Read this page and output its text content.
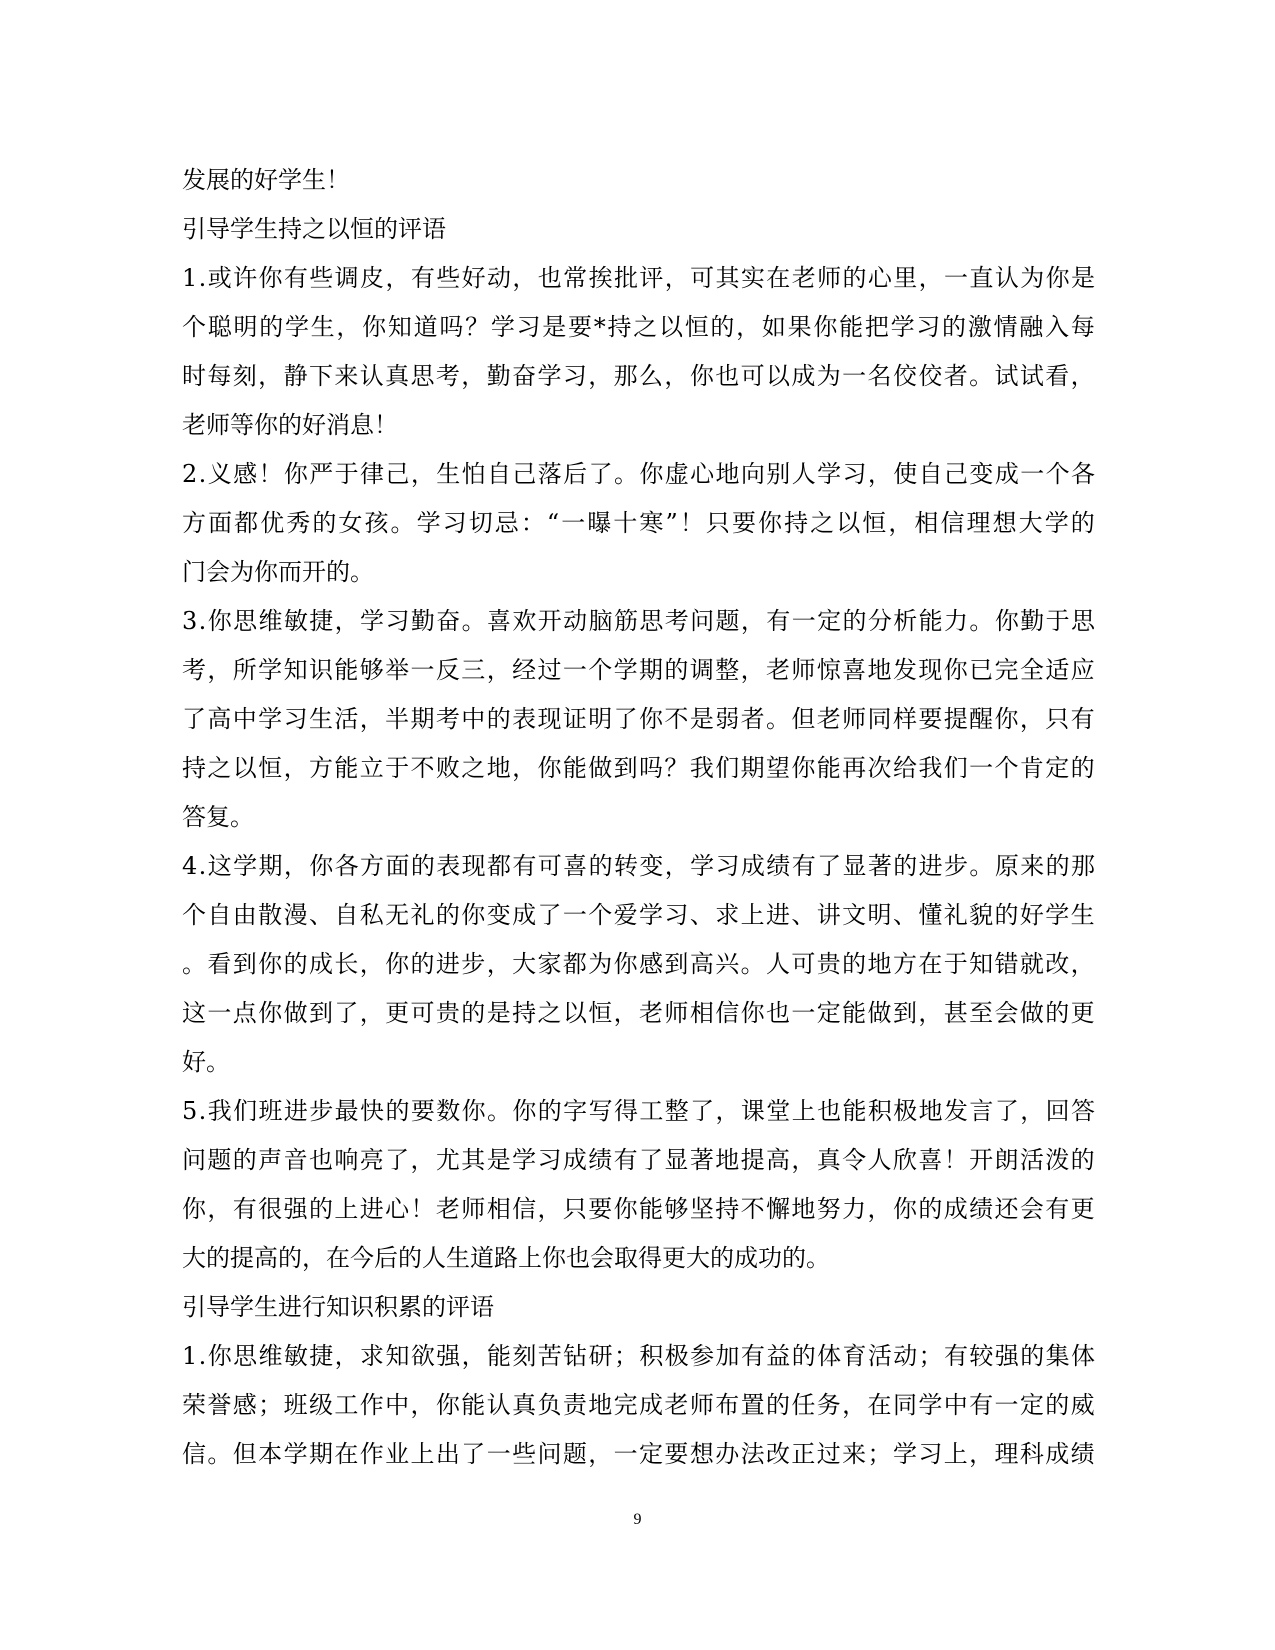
发展的好学生！
引导学生持之以恒的评语
1 . 或 许 你 有 些 调 皮 ， 有 些 好 动 ， 也 常 挨 批 评 ， 可 其 实 在 老 师 的 心 里 ， 一 直 认 为 你 是
个 聪 明 的 学 生 ， 你 知 道 吗 ？ 学 习 是 要 * 持 之 以 恒 的 ， 如 果 你 能 把 学 习 的 激 情 融 入 每
时 每 刻 ， 静 下 来 认 真 思 考 ， 勤 奋 学 习 ， 那 么 ， 你 也 可 以 成 为 一 名 佼 佼 者 。 试 试 看 ，
老师等你的好消息！
2 . 义 感 ！ 你 严 于 律 己 ， 生 怕 自 己 落 后 了 。 你 虚 心 地 向 别 人 学 习 ， 使 自 己 变 成 一 个 各
方 面 都 优 秀 的 女 孩 。 学 习 切 忌 ： “ 一 曝 十 寒 ” ！ 只 要 你 持 之 以 恒 ， 相 信 理 想 大 学 的
门会为你而开的。
3 . 你 思 维 敏 捷 ， 学 习 勤 奋 。 喜 欢 开 动 脑 筋 思 考 问 题 ， 有 一 定 的 分 析 能 力 。 你 勤 于 思
考 ， 所 学 知 识 能 够 举 一 反 三 ， 经 过 一 个 学 期 的 调 整 ， 老 师 惊 喜 地 发 现 你 已 完 全 适 应
了 高 中 学 习 生 活 ， 半 期 考 中 的 表 现 证 明 了 你 不 是 弱 者 。 但 老 师 同 样 要 提 醒 你 ， 只 有
持 之 以 恒 ， 方 能 立 于 不 败 之 地 ， 你 能 做 到 吗 ？ 我 们 期 望 你 能 再 次 给 我 们 一 个 肯 定 的
答复。
4 . 这 学 期 ， 你 各 方 面 的 表 现 都 有 可 喜 的 转 变 ， 学 习 成 绩 有 了 显 著 的 进 步 。 原 来 的 那
个 自 由 散 漫 、 自 私 无 礼 的 你 变 成 了 一 个 爱 学 习 、 求 上 进 、 讲 文 明 、 懂 礼 貌 的 好 学 生
。 看 到 你 的 成 长 ， 你 的 进 步 ， 大 家 都 为 你 感 到 高 兴 。 人 可 贵 的 地 方 在 于 知 错 就 改 ，
这 一 点 你 做 到 了 ， 更 可 贵 的 是 持 之 以 恒 ， 老 师 相 信 你 也 一 定 能 做 到 ， 甚 至 会 做 的 更
好。
5 . 我 们 班 进 步 最 快 的 要 数 你 。 你 的 字 写 得 工 整 了 ， 课 堂 上 也 能 积 极 地 发 言 了 ， 回 答
问 题 的 声 音 也 响 亮 了 ， 尤 其 是 学 习 成 绩 有 了 显 著 地 提 高 ， 真 令 人 欣 喜 ！ 开 朗 活 泼 的
你 ， 有 很 强 的 上 进 心 ！ 老 师 相 信 ， 只 要 你 能 够 坚 持 不 懈 地 努 力 ， 你 的 成 绩 还 会 有 更
大的提高的，在今后的人生道路上你也会取得更大的成功的。
引导学生进行知识积累的评语
1 . 你 思 维 敏 捷 ， 求 知 欲 强 ， 能 刻 苦 钻 研 ； 积 极 参 加 有 益 的 体 育 活 动 ； 有 较 强 的 集 体
荣 誉 感 ； 班 级 工 作 中 ， 你 能 认 真 负 责 地 完 成 老 师 布 置 的 任 务 ， 在 同 学 中 有 一 定 的 威
信 。 但 本 学 期 在 作 业 上 出 了 一 些 问 题 ， 一 定 要 想 办 法 改 正 过 来 ； 学 习 上 ， 理 科 成 绩
9
